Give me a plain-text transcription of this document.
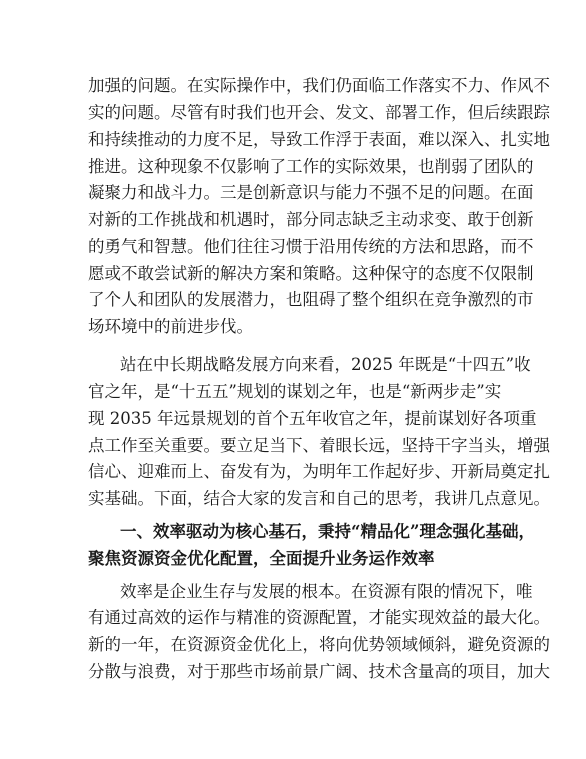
加强的问题。在实际操作中，我们仍面临工作落实不力、作风不
实的问题。尽管有时我们也开会、发文、部署工作，但后续跟踪
和持续推动的力度不足，导致工作浮于表面，难以深入、扎实地
推进。这种现象不仅影响了工作的实际效果，也削弱了团队的
凝聚力和战斗力。三是创新意识与能力不强不足的问题。在面
对新的工作挑战和机遇时，部分同志缺乏主动求变、敢于创新
的勇气和智慧。他们往往习惯于沿用传统的方法和思路，而不
愿或不敢尝试新的解决方案和策略。这种保守的态度不仅限制
了个人和团队的发展潜力，也阻碍了整个组织在竞争激烈的市
场环境中的前进步伐。
站在中长期战略发展方向来看，2025 年既是“十四五”收
官之年，是“十五五”规划的谋划之年，也是“新两步走”实
现 2035 年远景规划的首个五年收官之年，提前谋划好各项重
点工作至关重要。要立足当下、着眼长远，坚持干字当头，增强
信心、迎难而上、奋发有为，为明年工作起好步、开新局奠定扎
实基础。下面，结合大家的发言和自己的思考，我讲几点意见。
一、效率驱动为核心基石，秉持“精品化”理念强化基础，
聚焦资源资金优化配置，全面提升业务运作效率
效率是企业生存与发展的根本。在资源有限的情况下，唯
有通过高效的运作与精准的资源配置，才能实现效益的最大化。
新的一年，在资源资金优化上，将向优势领域倾斜，避免资源的
分散与浪费，对于那些市场前景广阔、技术含量高的项目，加大
